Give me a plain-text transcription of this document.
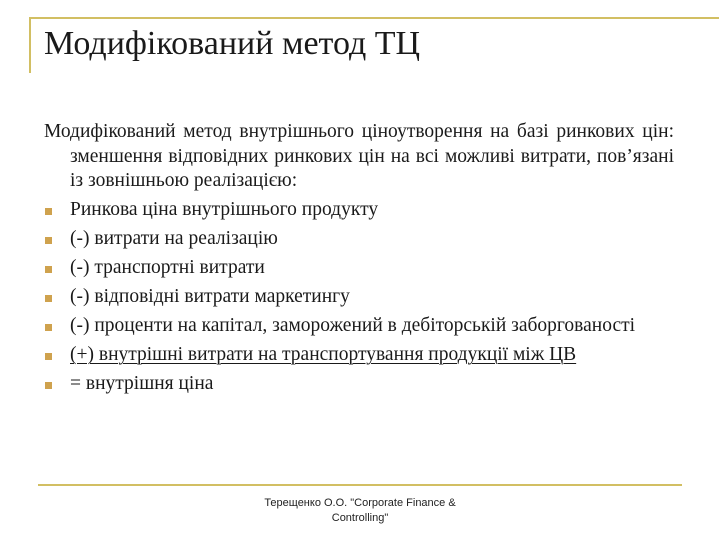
Модифікований метод ТЦ

Модифікований метод внутрішнього ціноутворення на базі ринкових цін: зменшення відповідних ринкових цін на всі можливі витрати, пов’язані із зовнішньою реалізацією:

Ринкова ціна внутрішнього продукту
(-) витрати на реалізацію
(-) транспортні витрати
(-) відповідні витрати маркетингу
(-) проценти на капітал, заморожений в дебіторській заборгованості
(+) внутрішні витрати на транспортування продукції між ЦВ
= внутрішня ціна
Терещенко О.О. "Corporate Finance &
Controlling"
